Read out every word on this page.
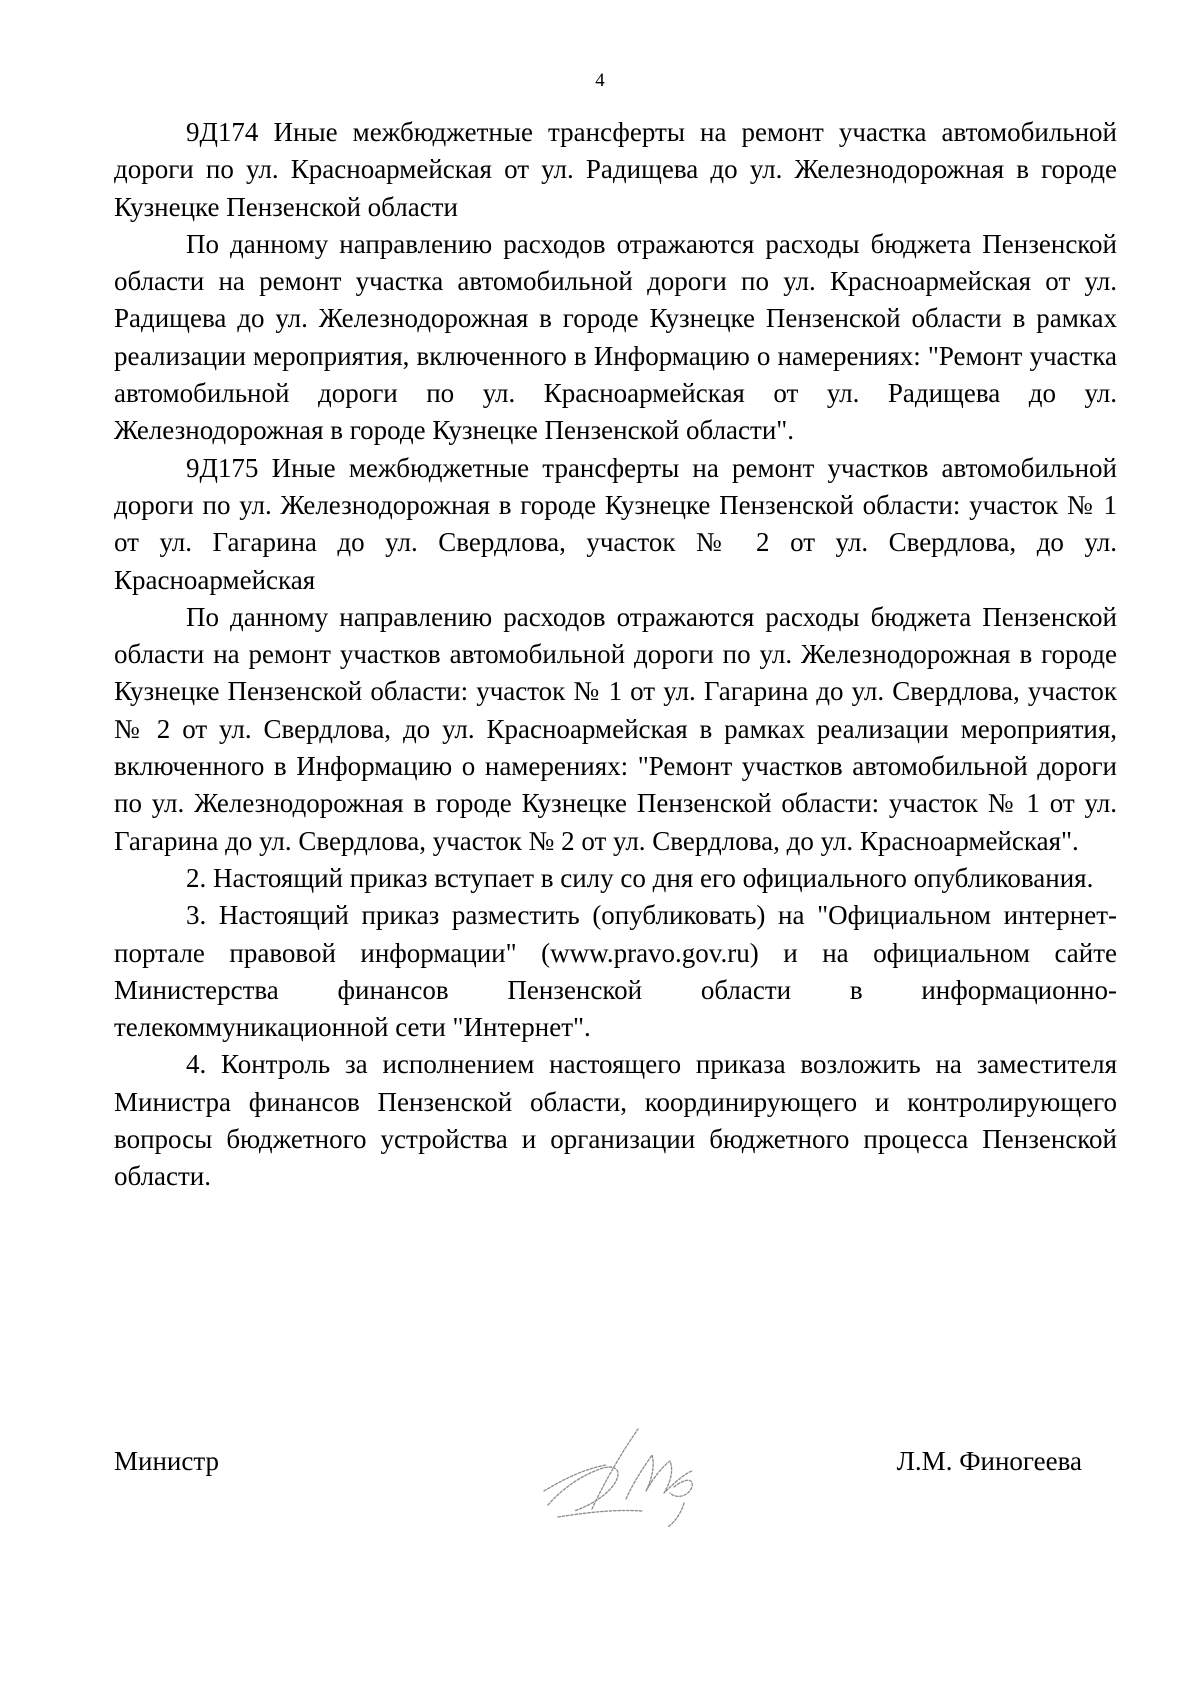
4

9Д174 Иные межбюджетные трансферты на ремонт участка автомобильной дороги по ул. Красноармейская от ул. Радищева до ул. Железнодорожная в городе Кузнецке Пензенской области

По данному направлению расходов отражаются расходы бюджета Пензенской области на ремонт участка автомобильной дороги по ул. Красноармейская от ул. Радищева до ул. Железнодорожная в городе Кузнецке Пензенской области в рамках реализации мероприятия, включенного в Информацию о намерениях: "Ремонт участка автомобильной дороги по ул. Красноармейская от ул. Радищева до ул. Железнодорожная в городе Кузнецке Пензенской области".

9Д175 Иные межбюджетные трансферты на ремонт участков автомобильной дороги по ул. Железнодорожная в городе Кузнецке Пензенской области: участок № 1 от ул. Гагарина до ул. Свердлова, участок № 2 от ул. Свердлова, до ул. Красноармейская

По данному направлению расходов отражаются расходы бюджета Пензенской области на ремонт участков автомобильной дороги по ул. Железнодорожная в городе Кузнецке Пензенской области: участок № 1 от ул. Гагарина до ул. Свердлова, участок № 2 от ул. Свердлова, до ул. Красноармейская в рамках реализации мероприятия, включенного в Информацию о намерениях: "Ремонт участков автомобильной дороги по ул. Железнодорожная в городе Кузнецке Пензенской области: участок № 1 от ул. Гагарина до ул. Свердлова, участок № 2 от ул. Свердлова, до ул. Красноармейская".

2. Настоящий приказ вступает в силу со дня его официального опубликования.

3. Настоящий приказ разместить (опубликовать) на "Официальном интернет-портале правовой информации" (www.pravo.gov.ru) и на официальном сайте Министерства финансов Пензенской области в информационно-телекоммуникационной сети "Интернет".

4. Контроль за исполнением настоящего приказа возложить на заместителя Министра финансов Пензенской области, координирующего и контролирующего вопросы бюджетного устройства и организации бюджетного процесса Пензенской области.

Министр	Л.М. Финогеева
